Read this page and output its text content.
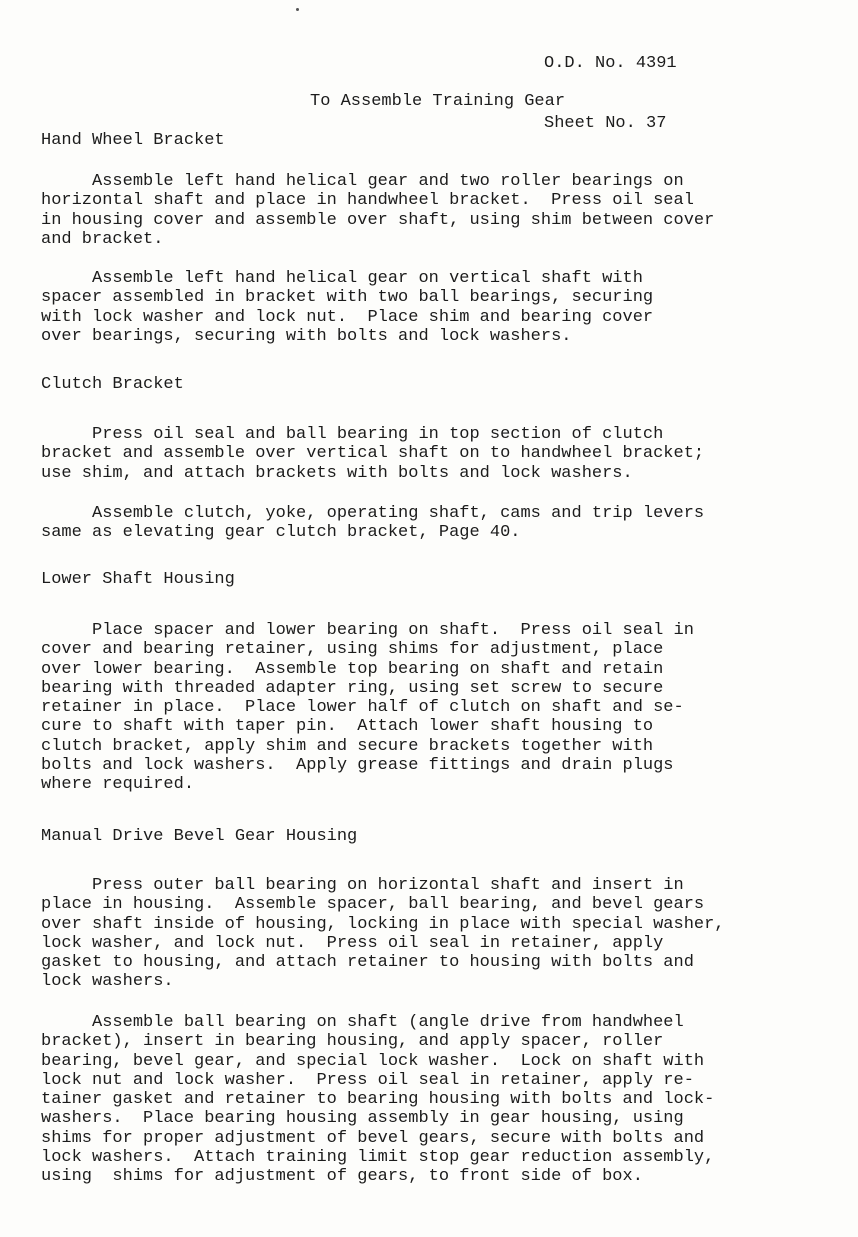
O.D. No. 4391

Sheet No. 37

To Assemble Training Gear
Hand Wheel Bracket
Assemble left hand helical gear and two roller bearings on
horizontal shaft and place in handwheel bracket.  Press oil seal
in housing cover and assemble over shaft, using shim between cover
and bracket.
Assemble left hand helical gear on vertical shaft with
spacer assembled in bracket with two ball bearings, securing
with lock washer and lock nut.  Place shim and bearing cover
over bearings, securing with bolts and lock washers.
Clutch Bracket
Press oil seal and ball bearing in top section of clutch
bracket and assemble over vertical shaft on to handwheel bracket;
use shim, and attach brackets with bolts and lock washers.
Assemble clutch, yoke, operating shaft, cams and trip levers
same as elevating gear clutch bracket, Page 40.
Lower Shaft Housing
Place spacer and lower bearing on shaft.  Press oil seal in
cover and bearing retainer, using shims for adjustment, place
over lower bearing.  Assemble top bearing on shaft and retain
bearing with threaded adapter ring, using set screw to secure
retainer in place.  Place lower half of clutch on shaft and se-
cure to shaft with taper pin.  Attach lower shaft housing to
clutch bracket, apply shim and secure brackets together with
bolts and lock washers.  Apply grease fittings and drain plugs
where required.
Manual Drive Bevel Gear Housing
Press outer ball bearing on horizontal shaft and insert in
place in housing.  Assemble spacer, ball bearing, and bevel gears
over shaft inside of housing, locking in place with special washer,
lock washer, and lock nut.  Press oil seal in retainer, apply
gasket to housing, and attach retainer to housing with bolts and
lock washers.
Assemble ball bearing on shaft (angle drive from handwheel
bracket), insert in bearing housing, and apply spacer, roller
bearing, bevel gear, and special lock washer.  Lock on shaft with
lock nut and lock washer.  Press oil seal in retainer, apply re-
tainer gasket and retainer to bearing housing with bolts and lock-
washers.  Place bearing housing assembly in gear housing, using
shims for proper adjustment of bevel gears, secure with bolts and
lock washers.  Attach training limit stop gear reduction assembly,
using  shims for adjustment of gears, to front side of box.
